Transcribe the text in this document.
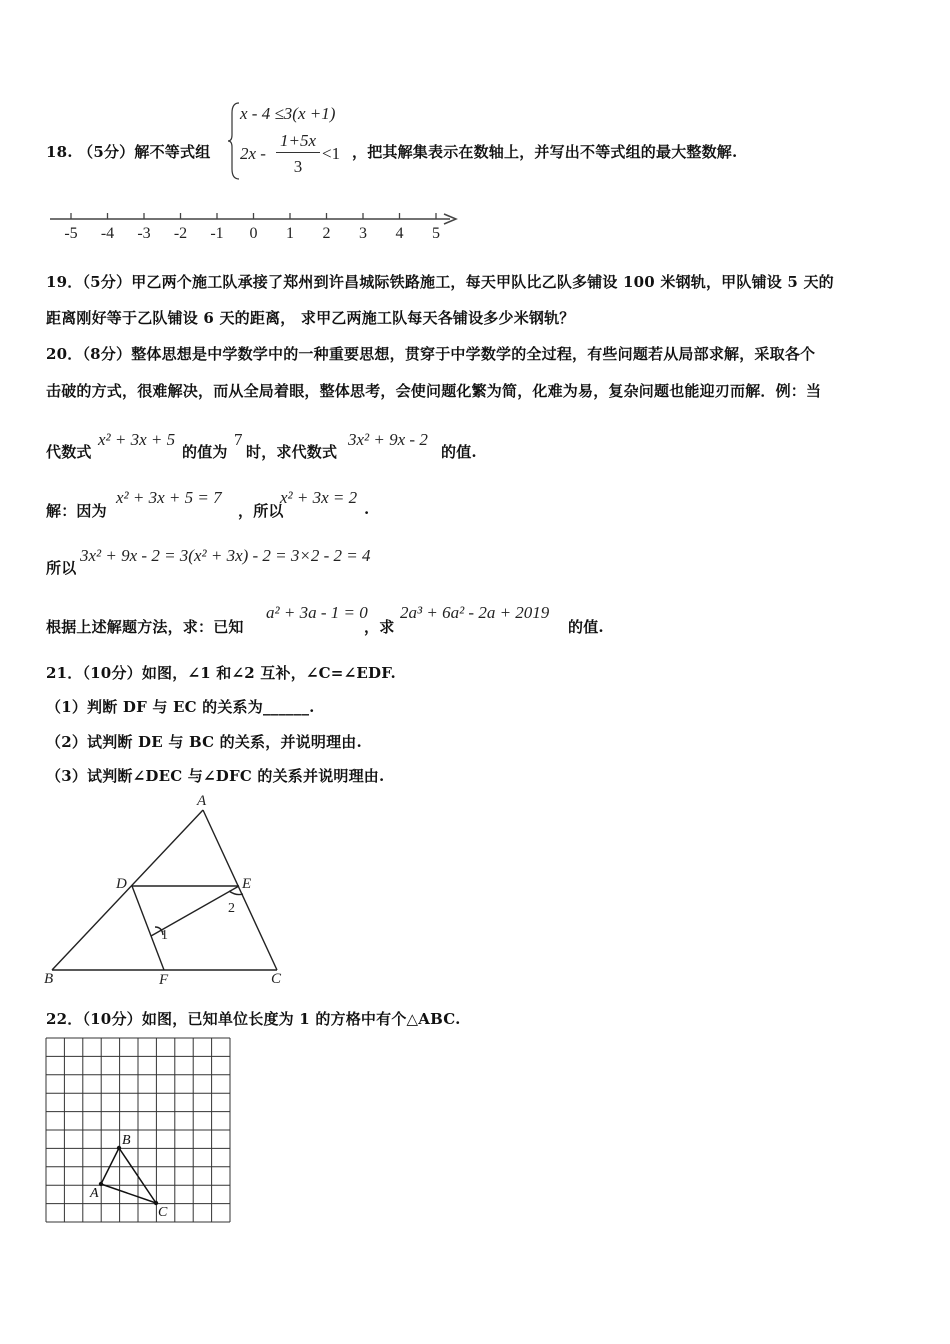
18. （5分）解不等式组
x - 4 ≤3(x +1)
2x -
1+5x
3
<1 ，把其解集表示在数轴上，并写出不等式组的最大整数解.
-5 -4 -3 -2 -1 0 1 2 3 4 5
19．（5分）甲乙两个施工队承接了郑州到许昌城际铁路施工，每天甲队比乙队多铺设 100 米钢轨，甲队铺设 5 天的
距离刚好等于乙队铺设 6 天的距离， 求甲乙两施工队每天各铺设多少米钢轨？
20．（8分）整体思想是中学数学中的一种重要思想，贯穿于中学数学的全过程，有些问题若从局部求解，采取各个
击破的方式，很难解决，而从全局着眼，整体思考，会使问题化繁为简，化难为易，复杂问题也能迎刃而解．例：当
代数式
x² + 3x + 5
的值为
7
时，求代数式
3x² + 9x - 2
的值.
解：因为
x² + 3x + 5 = 7
，所以
x² + 3x = 2
.
所以
3x² + 9x - 2 = 3(x² + 3x) - 2 = 3×2 - 2 = 4
根据上述解题方法，求：已知
a² + 3a - 1 = 0
，求
2a³ + 6a² - 2a + 2019
的值.
21．（10分）如图，∠1 和∠2 互补，∠C=∠EDF.
（1）判断 DF 与 EC 的关系为______.
（2）试判断 DE 与 BC 的关系，并说明理由.
（3）试判断∠DEC 与∠DFC 的关系并说明理由.
A
B	C
D	E
F
1
2
22．（10分）如图，已知单位长度为 1 的方格中有个△ABC.
A
B
C
